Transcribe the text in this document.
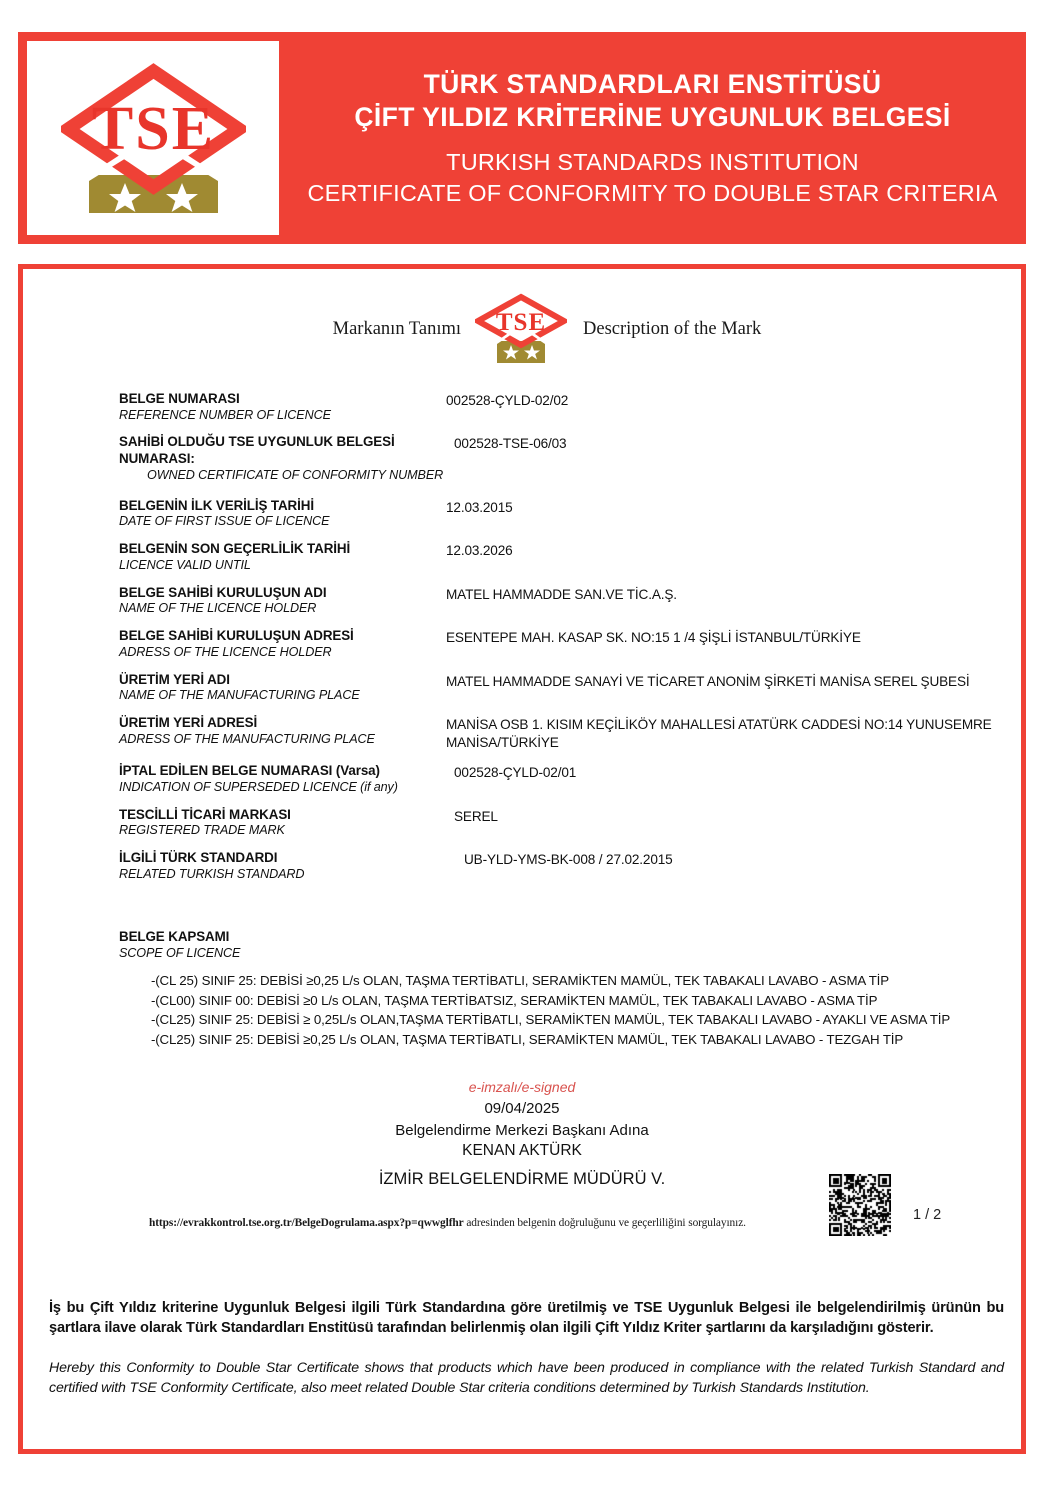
TSE
TÜRK STANDARDLARI ENSTİTÜSÜ
ÇİFT YILDIZ KRİTERİNE UYGUNLUK BELGESİ
TURKISH STANDARDS INSTITUTION
CERTIFICATE OF CONFORMITY TO DOUBLE STAR CRITERIA
Markanın Tanımı	TSE	Description of the Mark
BELGE NUMARASI
REFERENCE NUMBER OF LICENCE
002528-ÇYLD-02/02
SAHİBİ OLDUĞU TSE UYGUNLUK BELGESİ NUMARASI:
OWNED CERTIFICATE OF CONFORMITY NUMBER
002528-TSE-06/03
BELGENİN İLK VERİLİŞ TARİHİ
DATE OF FIRST ISSUE OF LICENCE
12.03.2015
BELGENİN SON GEÇERLİLİK TARİHİ
LICENCE VALID UNTIL
12.03.2026
BELGE SAHİBİ KURULUŞUN ADI
NAME OF THE LICENCE HOLDER
MATEL HAMMADDE SAN.VE TİC.A.Ş.
BELGE SAHİBİ KURULUŞUN ADRESİ
ADRESS OF THE LICENCE HOLDER
ESENTEPE MAH. KASAP SK. NO:15 1 /4 ŞİŞLİ İSTANBUL/TÜRKİYE
ÜRETİM YERİ ADI
NAME OF THE MANUFACTURING PLACE
MATEL HAMMADDE SANAYİ VE TİCARET ANONİM ŞİRKETİ MANİSA SEREL ŞUBESİ
ÜRETİM YERİ ADRESİ
ADRESS OF THE MANUFACTURING PLACE
MANİSA OSB 1. KISIM KEÇİLİKÖY MAHALLESİ ATATÜRK CADDESİ NO:14 YUNUSEMRE MANİSA/TÜRKİYE
İPTAL EDİLEN BELGE NUMARASI (Varsa)
INDICATION OF SUPERSEDED LICENCE (if any)
002528-ÇYLD-02/01
TESCİLLİ TİCARİ MARKASI
REGISTERED TRADE MARK
SEREL
İLGİLİ TÜRK STANDARDI
RELATED TURKISH STANDARD
UB-YLD-YMS-BK-008 / 27.02.2015
BELGE KAPSAMI
SCOPE OF LICENCE
-(CL 25) SINIF 25: DEBİSİ ≥0,25 L/s OLAN, TAŞMA TERTİBATLI, SERAMİKTEN MAMÜL, TEK TABAKALI LAVABO - ASMA TİP
-(CL00) SINIF 00: DEBİSİ ≥0 L/s OLAN, TAŞMA TERTİBATSIZ, SERAMİKTEN MAMÜL, TEK TABAKALI LAVABO - ASMA TİP
-(CL25) SINIF 25: DEBİSİ ≥ 0,25L/s OLAN,TAŞMA TERTİBATLI, SERAMİKTEN MAMÜL, TEK TABAKALI LAVABO - AYAKLI VE ASMA TİP
-(CL25) SINIF 25: DEBİSİ ≥0,25 L/s OLAN, TAŞMA TERTİBATLI, SERAMİKTEN MAMÜL, TEK TABAKALI LAVABO - TEZGAH TİP
e-imzalı/e-signed
09/04/2025
Belgelendirme Merkezi Başkanı Adına
KENAN AKTÜRK
İZMİR BELGELENDİRME MÜDÜRÜ V.
1 / 2
https://evrakkontrol.tse.org.tr/BelgeDogrulama.aspx?p=qwwglfhr adresinden belgenin doğruluğunu ve geçerliliğini sorgulayınız.
İş bu Çift Yıldız kriterine Uygunluk Belgesi ilgili Türk Standardına göre üretilmiş ve TSE Uygunluk Belgesi ile belgelendirilmiş ürünün bu şartlara ilave olarak Türk Standardları Enstitüsü tarafından belirlenmiş olan ilgili Çift Yıldız Kriter şartlarını da karşıladığını gösterir.
Hereby this Conformity to Double Star Certificate shows that products which have been produced in compliance with the related Turkish Standard and certified with TSE Conformity Certificate, also meet related Double Star criteria conditions determined by Turkish Standards Institution.
